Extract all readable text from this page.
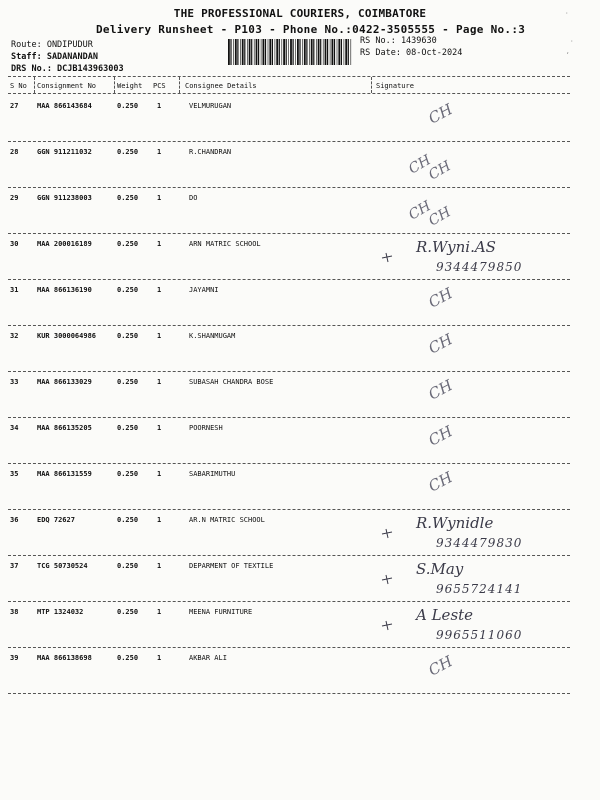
THE PROFESSIONAL COURIERS, COIMBATORE
Delivery Runsheet - P103 - Phone No.:0422-3505555 - Page No.:3
Route: ONDIPUDUR
Staff: SADANANDAN
DRS No.: DCJB143963003
RS No.: 1439630
RS Date: 08-Oct-2024
S No Consignment No	Weight PCS	Consignee Details	Signature
27	MAA 866143684	0.250	1	VELMURUGAN	CH
28	GGN 911211032	0.250	1	R.CHANDRAN
CH
CH
29	GGN 911238003	0.250	1	DO
CH
CH
30	MAA 200016189	0.250	1	ARN MATRIC SCHOOL	R.Wyni.AS
9344479850
31	MAA 866136190	0.250	1	JAYAMNI	CH
32	KUR 3000064986	0.250	1	K.SHANMUGAM	CH
33	MAA 866133029	0.250	1	SUBASAH CHANDRA BOSE	CH
34	MAA 866135205	0.250	1	POORNESH	CH
35	MAA 866131559	0.250	1	SABARIMUTHU	CH
36	EDQ 72627	0.250	1	AR.N MATRIC SCHOOL	R.Wynidle
9344479830
37	TCG 50730524	0.250	1	DEPARMENT OF TEXTILE	S.May
9655724141
38	MTP 1324032	0.250	1	MEENA FURNITURE	A Leste
9965511060
39	MAA 866138698	0.250	1	AKBAR ALI	CH
·
·
,
